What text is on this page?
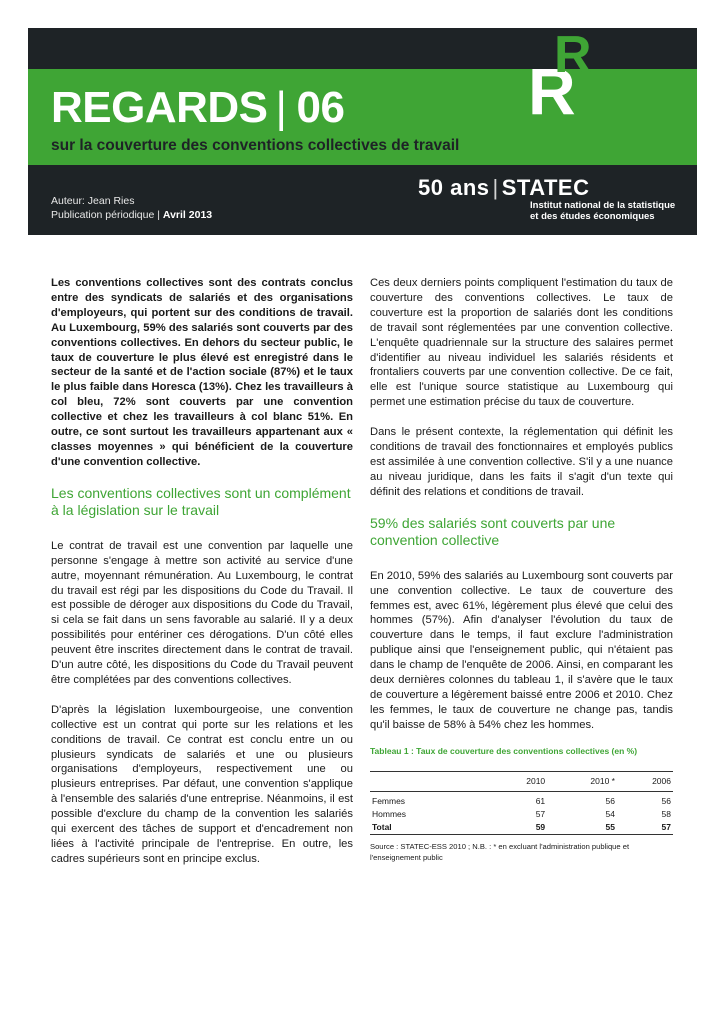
R
R
REGARDS | 06
sur la couverture des conventions collectives de travail
Auteur: Jean Ries
Publication périodique | Avril 2013
50 ans | STATEC
Institut national de la statistique
et des études économiques

Les conventions collectives sont des contrats conclus entre des syndicats de salariés et des organisations d'employeurs, qui portent sur des conditions de travail. Au Luxembourg, 59% des salariés sont couverts par des conventions collectives. En dehors du secteur public, le taux de couverture le plus élevé est enregistré dans le secteur de la santé et de l'action sociale (87%) et le taux le plus faible dans Horesca (13%). Chez les travailleurs à col bleu, 72% sont couverts par une convention collective et chez les travailleurs à col blanc 51%. En outre, ce sont surtout les travailleurs appartenant aux « classes moyennes » qui bénéficient de la couverture d'une convention collective.

Les conventions collectives sont un complément à la législation sur le travail

Le contrat de travail est une convention par laquelle une personne s'engage à mettre son activité au service d'une autre, moyennant rémunération. Au Luxembourg, le contrat du travail est régi par les dispositions du Code du Travail. Il est possible de déroger aux dispositions du Code du Travail, si cela se fait dans un sens favorable au salarié. Il y a deux possibilités pour entériner ces dérogations. D'un côté elles peuvent être inscrites directement dans le contrat de travail. D'un autre côté, les dispositions du Code du Travail peuvent être complétées par des conventions collectives.

D'après la législation luxembourgeoise, une convention collective est un contrat qui porte sur les relations et les conditions de travail. Ce contrat est conclu entre un ou plusieurs syndicats de salariés et une ou plusieurs organisations d'employeurs, respectivement une ou plusieurs entreprises. Par défaut, une convention s'applique à l'ensemble des salariés d'une entreprise. Néanmoins, il est possible d'exclure du champ de la convention les salariés qui exercent des tâches de support et d'encadrement non liées à l'activité principale de l'entreprise. En outre, les cadres supérieurs sont en principe exclus.

Ces deux derniers points compliquent l'estimation du taux de couverture des conventions collectives. Le taux de couverture est la proportion de salariés dont les conditions de travail sont réglementées par une convention collective. L'enquête quadriennale sur la structure des salaires permet d'identifier au niveau individuel les salariés résidents et frontaliers couverts par une convention collective. De ce fait, elle est l'unique source statistique au Luxembourg qui permet une estimation précise du taux de couverture.

Dans le présent contexte, la réglementation qui définit les conditions de travail des fonctionnaires et employés publics est assimilée à une convention collective. S'il y a une nuance au niveau juridique, dans les faits il s'agit d'un texte qui définit des relations et conditions de travail.

59% des salariés sont couverts par une convention collective

En 2010, 59% des salariés au Luxembourg sont couverts par une convention collective. Le taux de couverture des femmes est, avec 61%, légèrement plus élevé que celui des hommes (57%). Afin d'analyser l'évolution du taux de couverture dans le temps, il faut exclure l'administration publique ainsi que l'enseignement public, qui n'étaient pas dans le champ de l'enquête de 2006. Ainsi, en comparant les deux dernières colonnes du tableau 1, il s'avère que le taux de couverture a légèrement baissé entre 2006 et 2010. Chez les femmes, le taux de couverture ne change pas, tandis qu'il baisse de 58% à 54% chez les hommes.

Tableau 1 : Taux de couverture des conventions collectives (en %)
	2010	2010 *	2006
Femmes	61	56	56
Hommes	57	54	58
Total	59	55	57
Source : STATEC-ESS 2010 ; N.B. : * en excluant l'administration publique et l'enseignement public
